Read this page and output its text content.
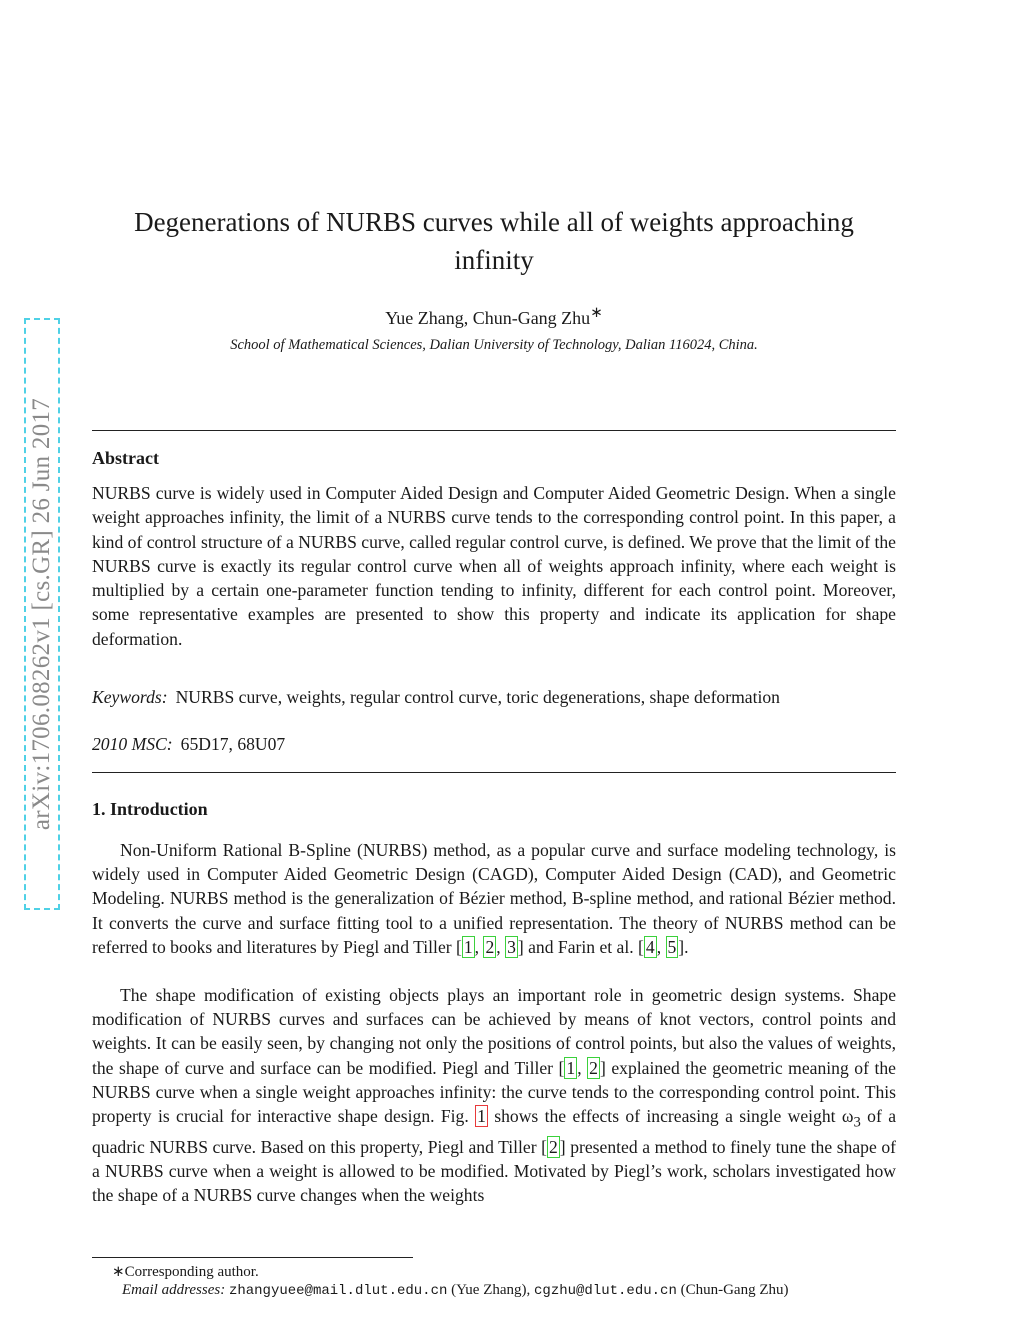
arXiv:1706.08262v1 [cs.GR] 26 Jun 2017
Degenerations of NURBS curves while all of weights approaching
infinity
Yue Zhang, Chun-Gang Zhu∗
School of Mathematical Sciences, Dalian University of Technology, Dalian 116024, China.
Abstract
NURBS curve is widely used in Computer Aided Design and Computer Aided Geometric Design. When a single weight approaches infinity, the limit of a NURBS curve tends to the corresponding control point. In this paper, a kind of control structure of a NURBS curve, called regular control curve, is defined. We prove that the limit of the NURBS curve is exactly its regular control curve when all of weights approach infinity, where each weight is multiplied by a certain one-parameter function tending to infinity, different for each control point. Moreover, some representative examples are presented to show this property and indicate its application for shape deformation.
Keywords: NURBS curve, weights, regular control curve, toric degenerations, shape deformation
2010 MSC: 65D17, 68U07
1. Introduction
Non-Uniform Rational B-Spline (NURBS) method, as a popular curve and surface modeling technology, is widely used in Computer Aided Geometric Design (CAGD), Computer Aided Design (CAD), and Geometric Modeling. NURBS method is the generalization of Bézier method, B-spline method, and rational Bézier method. It converts the curve and surface fitting tool to a unified representation. The theory of NURBS method can be referred to books and literatures by Piegl and Tiller [ 1 , 2 , 3 ] and Farin et al. [ 4 , 5 ].
The shape modification of existing objects plays an important role in geometric design systems. Shape modification of NURBS curves and surfaces can be achieved by means of knot vectors, control points and weights. It can be easily seen, by changing not only the positions of control points, but also the values of weights, the shape of curve and surface can be modified. Piegl and Tiller [ 1 , 2 ] explained the geometric meaning of the NURBS curve when a single weight approaches infinity: the curve tends to the corresponding control point. This property is crucial for interactive shape design. Fig. 1 shows the effects of increasing a single weight $\omega_3$ of a quadric NURBS curve. Based on this property, Piegl and Tiller [ 2 ] presented a method to finely tune the shape of a NURBS curve when a weight is allowed to be modified. Motivated by Piegl’s work, scholars investigated how the shape of a NURBS curve changes when the weights
∗Corresponding author.
Email addresses: zhangyuee@mail.dlut.edu.cn (Yue Zhang), cgzhu@dlut.edu.cn (Chun-Gang Zhu)
